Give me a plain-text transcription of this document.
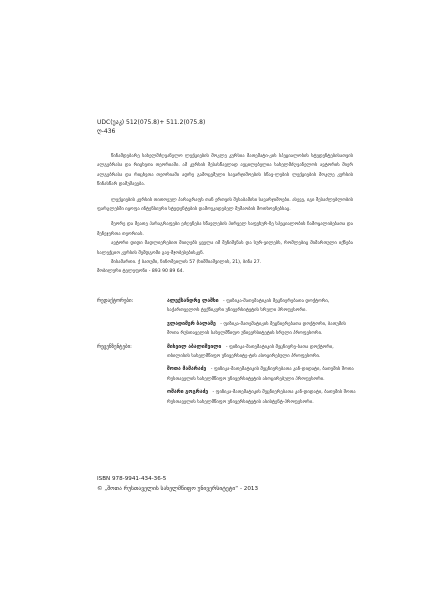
UDC(უაკ) 512(075.8)+ 511.2(075.8)
ღ-436

წინამდებარე სახელმძღვანელო ლექციების მოკლე კურსია მათემატი-კის სპეციალობის სტუდენტებისათვის ალგებრასა და რიცხვთა თეორიაში. ამ კურსის შესასწავლად აუცილებელია სახელმძღვანელოს ავტორის მიერ ალგებრასა და რიცხვთა თეორიაში ადრე გამოცემული სავარჯიშოების სწავ-ლების ლექციების მოკლე კურსის წინასწარ დამუშავება.

ლექციების კურსის თითოეულ პარაგრაფს თან ერთვის შესაბამისი სავარჯიშოები. ასევე, იგი შესაძლებლობის ფარგლებში იყოფა ინტენსიური სტუდენტების დამოუკიდებელ მუშაობის მოთხოვნებსაც.

მეორე და მეათე პარაგრაფები ეძღვნება სწავლების პირველ საფეხურ-ზე სპეციალობის ჩამოყალიბებათა და მენეჯერთა თეორიას.

ავტორი დიდი მადლიერებით მიიღებს ყველა იმ შენიშვნას და სურ-ვილებს, რომლებიც მიმართული იქნება სალექციო კურსის შემდგომი გაუ-მჯობესებისკენ.

მისამართი. ქ ბათუმი, ნინოშვილის 57 (ხიმშიაშვილის, 21), ბინა 27.

მობილური ტელეფონი - 893 90 89 64.

რედაქტორები:	ალექსანდრე ლაშხი - ფიზიკა-მათემატიკის მეცნიერებათა დოქტორი, საქართველოს ტექნიკური უნივერსიტეტის სრული პროფესორი.
ვლადიმერ ბალამე - ფიზიკა-მათემატიკის მეცნიერებათა დოქტორი, ბათუმის შოთა რუსთაველის სახელმწიფო უნივერსიტეტის სრული პროფესორი.
რეცენზენტები:	მიხეილ აბალიშვილი - ფიზიკა-მათემატიკის მეცნიერე-ბათა დოქტორი, თბილისის სახელმწიფო უნივერსიტე-ტის ასოცირებული პროფესორი.
შოთა მამარაძე - ფიზიკა-მათემატიკის მეცნიერებათა კან-დიდატი, ბათუმის შოთა რუსთაველის სახელმწიფო უნივერსიტეტის ასოცირებული პროფესორი.
ოშარი გოგრაძე - ფიზიკა-მათემატიკის მეცნიერებათა კან-დიდატი, ბათუმის შოთა რუსთაველის სახელმწიფო უნივერსიტეტის ასისტენტ-პროფესორი.
ISBN 978-9941-434-36-5
© „შოთა რუსთაველის სახელმწიფო უნივერსიტეტი“ - 2013
